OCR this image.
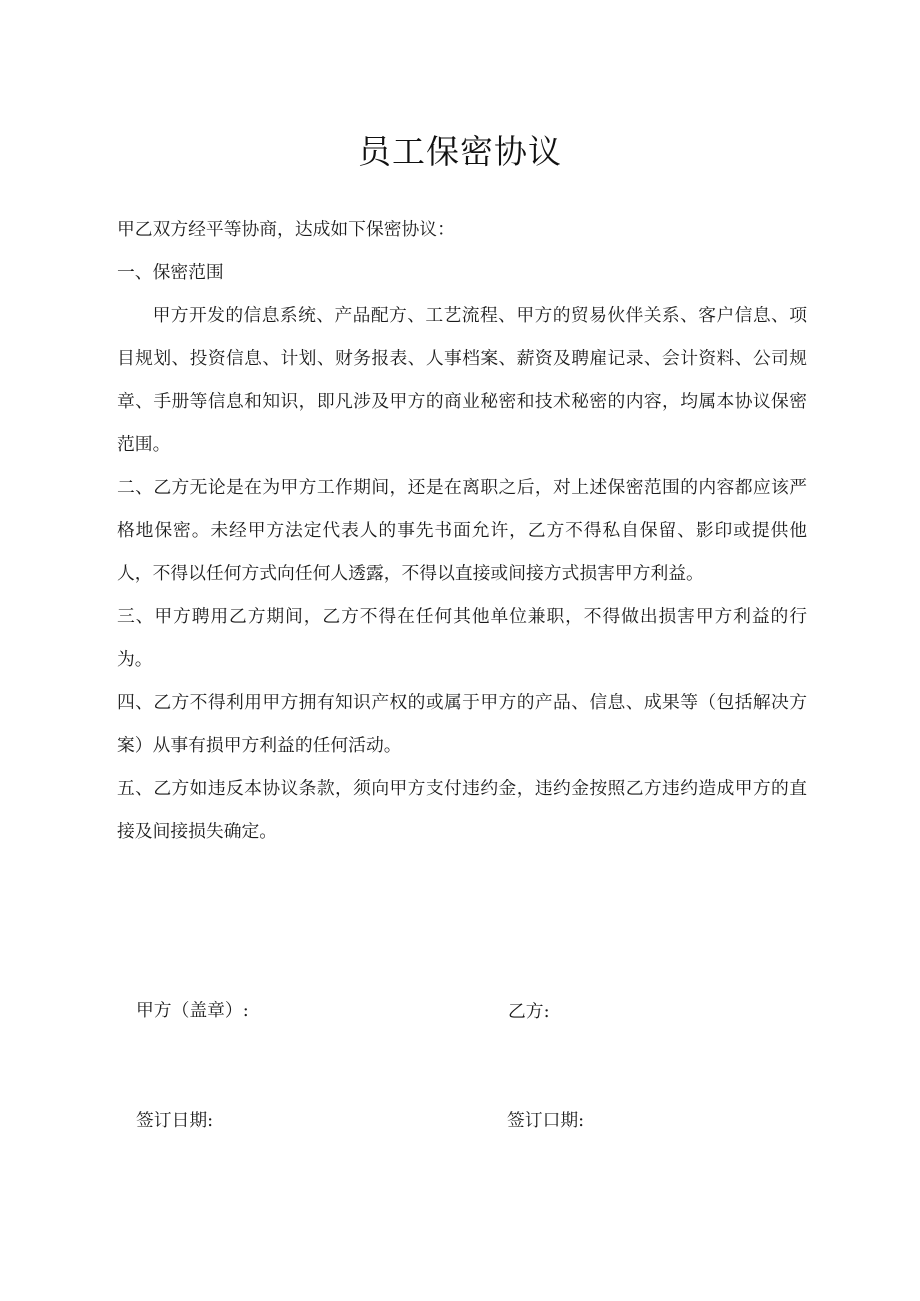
员工保密协议

甲乙双方经平等协商，达成如下保密协议：

一、保密范围

甲方开发的信息系统、产品配方、工艺流程、甲方的贸易伙伴关系、客户信息、项目规划、投资信息、计划、财务报表、人事档案、薪资及聘雇记录、会计资料、公司规章、手册等信息和知识，即凡涉及甲方的商业秘密和技术秘密的内容，均属本协议保密范围。

二、乙方无论是在为甲方工作期间，还是在离职之后，对上述保密范围的内容都应该严格地保密。未经甲方法定代表人的事先书面允许，乙方不得私自保留、影印或提供他人，不得以任何方式向任何人透露，不得以直接或间接方式损害甲方利益。

三、甲方聘用乙方期间，乙方不得在任何其他单位兼职，不得做出损害甲方利益的行为。

四、乙方不得利用甲方拥有知识产权的或属于甲方的产品、信息、成果等（包括解决方案）从事有损甲方利益的任何活动。

五、乙方如违反本协议条款，须向甲方支付违约金，违约金按照乙方违约造成甲方的直接及间接损失确定。

甲方（盖章）:	乙方:
签订日期:	签订口期:
